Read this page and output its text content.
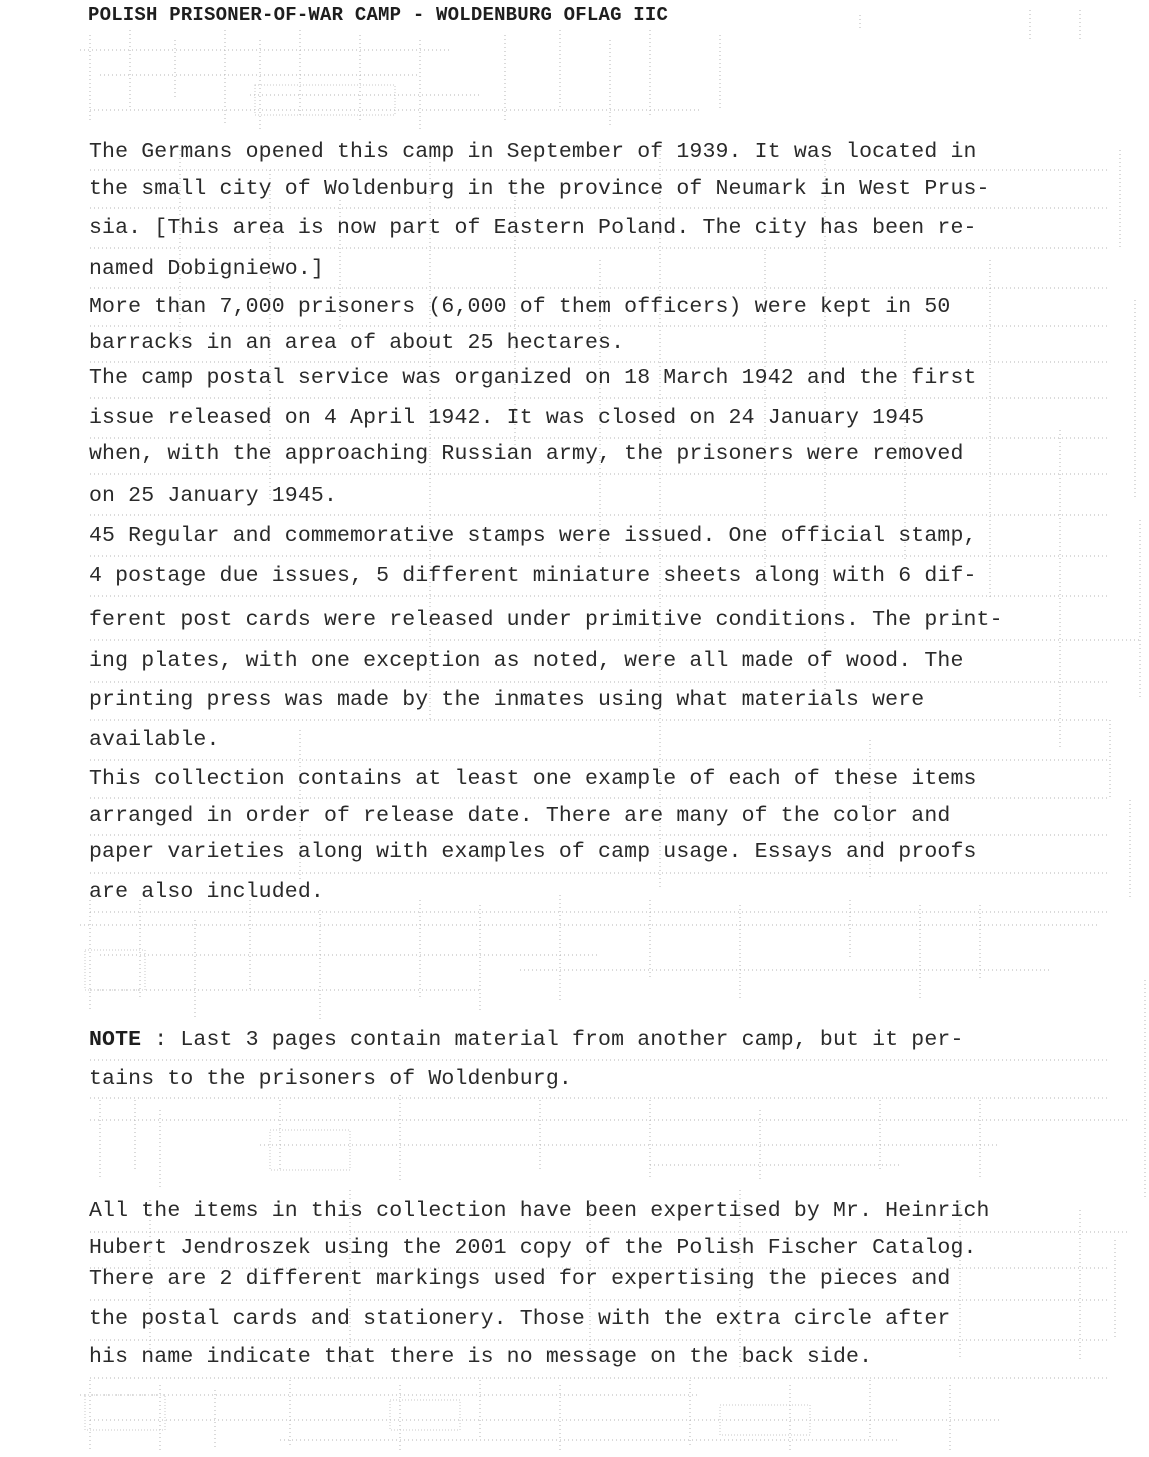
POLISH PRISONER-OF-WAR CAMP - WOLDENBURG OFLAG IIC
The Germans opened this camp in September of 1939. It was located in
the small city of Woldenburg in the province of Neumark in West Prus-
sia. [This area is now part of Eastern Poland. The city has been re-
named Dobigniewo.]
More than 7,000 prisoners (6,000 of them officers) were kept in 50
barracks in an area of about 25 hectares.
The camp postal service was organized on 18 March 1942 and the first
issue released on 4 April 1942. It was closed on 24 January 1945
when, with the approaching Russian army, the prisoners were removed
on 25 January 1945.
45 Regular and commemorative stamps were issued. One official stamp,
4 postage due issues, 5 different miniature sheets along with 6 dif-
ferent post cards were released under primitive conditions. The print-
ing plates, with one exception as noted, were all made of wood. The
printing press was made by the inmates using what materials were
available.
This collection contains at least one example of each of these items
arranged in order of release date. There are many of the color and
paper varieties along with examples of camp usage. Essays and proofs
are also included.
NOTE : Last 3 pages contain material from another camp, but it per-
tains to the prisoners of Woldenburg.
All the items in this collection have been expertised by Mr. Heinrich
Hubert Jendroszek using the 2001 copy of the Polish Fischer Catalog.
There are 2 different markings used for expertising the pieces and
the postal cards and stationery. Those with the extra circle after
his name indicate that there is no message on the back side.
